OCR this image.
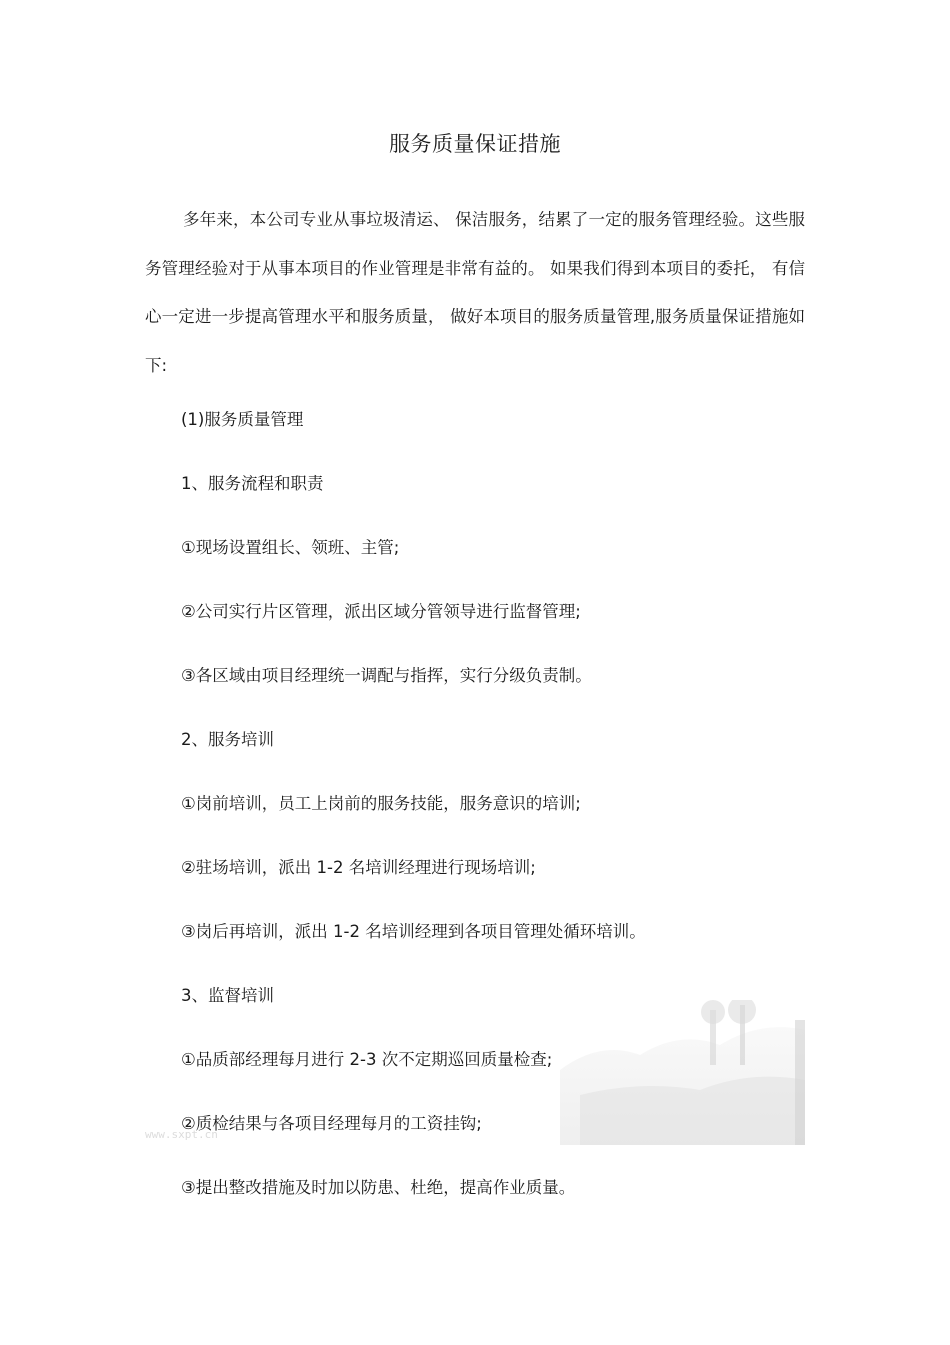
www.sxpt.cn
服务质量保证措施

多年来，本公司专业从事垃圾清运、 保洁服务，结累了一定的服务管理经验。这些服务管理经验对于从事本项目的作业管理是非常有益的。 如果我们得到本项目的委托， 有信心一定进一步提高管理水平和服务质量， 做好本项目的服务质量管理,服务质量保证措施如下:

(1)服务质量管理
1、服务流程和职责
①现场设置组长、领班、主管;
②公司实行片区管理，派出区域分管领导进行监督管理;
③各区域由项目经理统一调配与指挥，实行分级负责制。
2、服务培训
①岗前培训，员工上岗前的服务技能，服务意识的培训;
②驻场培训，派出 1-2 名培训经理进行现场培训;
③岗后再培训，派出 1-2 名培训经理到各项目管理处循环培训。
3、监督培训
①品质部经理每月进行 2-3 次不定期巡回质量检查;
②质检结果与各项目经理每月的工资挂钩;
③提出整改措施及时加以防患、杜绝，提高作业质量。
